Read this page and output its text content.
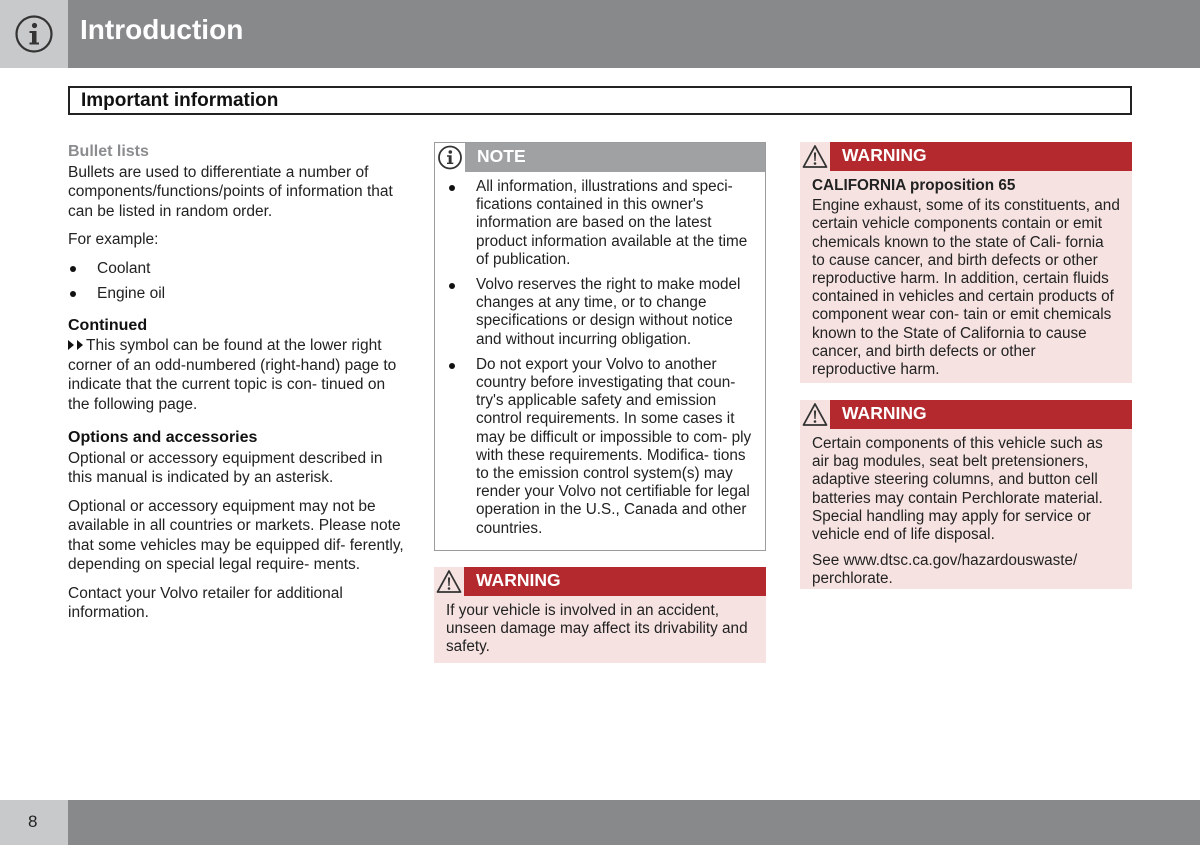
Introduction
Important information
Bullet lists

Bullets are used to differentiate a number of components/functions/points of information that can be listed in random order.

For example:

Coolant
Engine oil
Continued

This symbol can be found at the lower right corner of an odd-numbered (right-hand) page to indicate that the current topic is con- tinued on the following page.

Options and accessories

Optional or accessory equipment described in this manual is indicated by an asterisk.

Optional or accessory equipment may not be available in all countries or markets. Please note that some vehicles may be equipped dif- ferently, depending on special legal require- ments.

Contact your Volvo retailer for additional information.

NOTE
All information, illustrations and speci- fications contained in this owner's information are based on the latest product information available at the time of publication.
Volvo reserves the right to make model changes at any time, or to change specifications or design without notice and without incurring obligation.
Do not export your Volvo to another country before investigating that coun- try's applicable safety and emission control requirements. In some cases it may be difficult or impossible to com- ply with these requirements. Modifica- tions to the emission control system(s) may render your Volvo not certifiable for legal operation in the U.S., Canada and other countries.
WARNING

If your vehicle is involved in an accident, unseen damage may affect its drivability and safety.

WARNING

CALIFORNIA proposition 65

Engine exhaust, some of its constituents, and certain vehicle components contain or emit chemicals known to the state of Cali- fornia to cause cancer, and birth defects or other reproductive harm. In addition, certain fluids contained in vehicles and certain products of component wear con- tain or emit chemicals known to the State of California to cause cancer, and birth defects or other reproductive harm.

WARNING

Certain components of this vehicle such as air bag modules, seat belt pretensioners, adaptive steering columns, and button cell batteries may contain Perchlorate material. Special handling may apply for service or vehicle end of life disposal.

See www.dtsc.ca.gov/hazardouswaste/ perchlorate.

8
